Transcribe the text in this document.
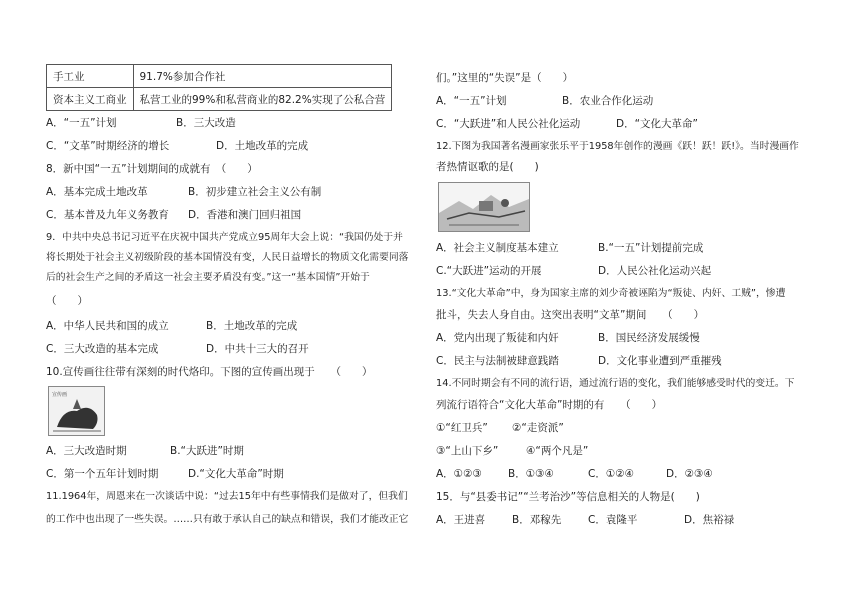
手工业	91.7%参加合作社
资本主义工商业	私营工业的99%和私营商业的82.2%实现了公私合营
A．“一五”计划	B．三大改造
C．“文革”时期经济的增长	D．土地改革的完成
8．新中国“一五”计划期间的成就有　（　　）
A．基本完成土地改革	B．初步建立社会主义公有制
C．基本普及九年义务教育 D．香港和澳门回归祖国
9．中共中央总书记习近平在庆祝中国共产党成立95周年大会上说：“我国仍处于并
将长期处于社会主义初级阶段的基本国情没有变，人民日益增长的物质文化需要同落
后的社会生产之间的矛盾这一社会主要矛盾没有变。”这一“基本国情”开始于
（　　）
A．中华人民共和国的成立	B．土地改革的完成
C．三大改造的基本完成	D．中共十三大的召开
10.宣传画往往带有深刻的时代烙印。下图的宣传画出现于　　（　　）
宣传画
A．三大改造时期	B.“大跃进”时期
C．第一个五年计划时期	D.“文化大革命”时期
11.1964年，周恩来在一次谈话中说：“过去15年中有些事情我们是做对了，但我们
的工作中也出现了一些失误。……只有敢于承认自己的缺点和错误，我们才能改正它
们。”这里的“失误”是（　　）
A．“一五”计划	B．农业合作化运动
C．“大跃进”和人民公社化运动	D．“文化大革命”
12.下图为我国著名漫画家张乐平于1958年创作的漫画《跃！跃！跃!》。当时漫画作
者热情讴歌的是(　　)
A．社会主义制度基本建立	B.“一五”计划提前完成
C.“大跃进”运动的开展	D．人民公社化运动兴起
13.“文化大革命”中，身为国家主席的刘少奇被诬陷为“叛徒、内奸、工贼”，惨遭
批斗，失去人身自由。这突出表明“文革”期间　　（　　）
A．党内出现了叛徒和内奸	B．国民经济发展缓慢
C．民主与法制被肆意践踏	D．文化事业遭到严重摧残
14.不同时期会有不同的流行语，通过流行语的变化，我们能够感受时代的变迁。下
列流行语符合“文化大革命”时期的有　　（　　）
①“红卫兵” ②“走资派”
③“上山下乡”	④“两个凡是”
A．①②③ B．①③④	C．①②④	D．②③④
15．与“县委书记”“兰考治沙”等信息相关的人物是(　　)
A．王进喜	B．邓稼先	C．袁隆平	D．焦裕禄
